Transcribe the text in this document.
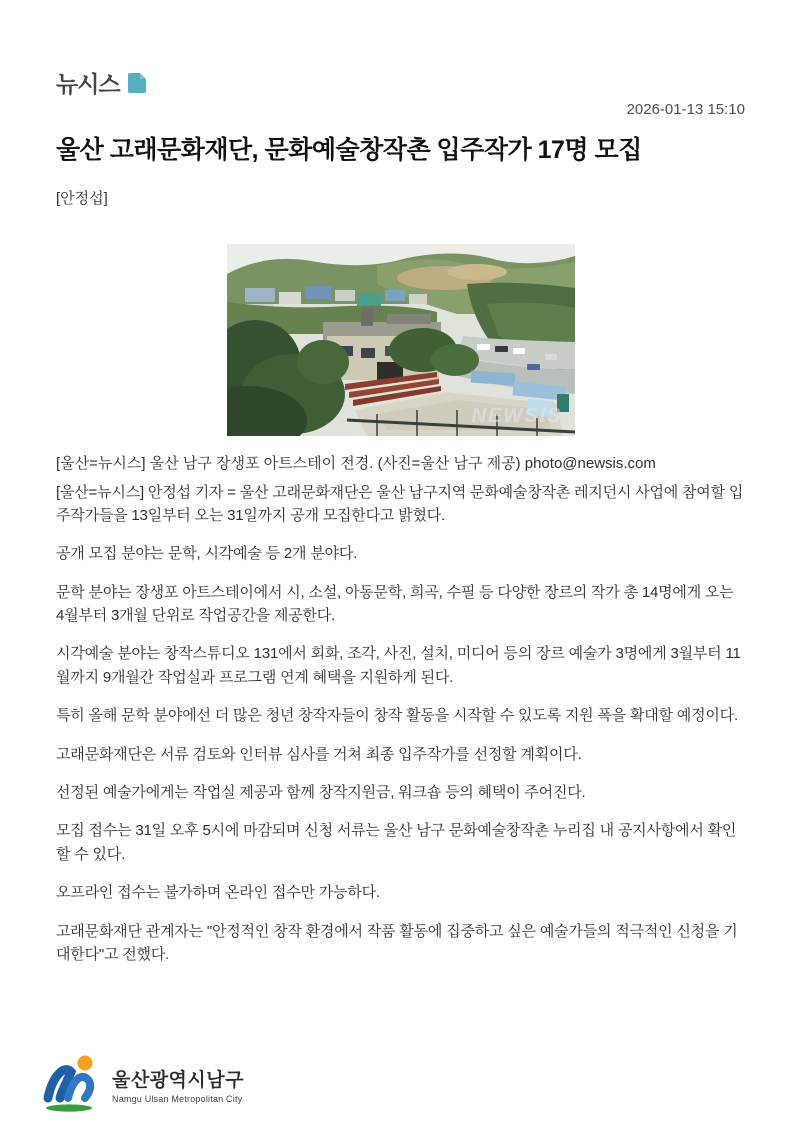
뉴시스
2026-01-13 15:10
울산 고래문화재단, 문화예술창작촌 입주작가 17명 모집
[안정섭]
NEWSIS
[울산=뉴시스] 울산 남구 장생포 아트스테이 전경. (사진=울산 남구 제공) photo@newsis.com

[울산=뉴시스] 안정섭 기자 = 울산 고래문화재단은 울산 남구지역 문화예술창작촌 레지던시 사업에 참여할 입주작가들을 13일부터 오는 31일까지 공개 모집한다고 밝혔다.

공개 모집 분야는 문학, 시각예술 등 2개 분야다.

문학 분야는 장생포 아트스테이에서 시, 소설, 아동문학, 희곡, 수필 등 다양한 장르의 작가 총 14명에게 오는 4월부터 3개월 단위로 작업공간을 제공한다.

시각예술 분야는 창작스튜디오 131에서 회화, 조각, 사진, 설치, 미디어 등의 장르 예술가 3명에게 3월부터 11월까지 9개월간 작업실과 프로그램 연계 혜택을 지원하게 된다.

특히 올해 문학 분야에선 더 많은 청년 창작자들이 창작 활동을 시작할 수 있도록 지원 폭을 확대할 예정이다.

고래문화재단은 서류 검토와 인터뷰 심사를 거쳐 최종 입주작가를 선정할 계획이다.

선정된 예술가에게는 작업실 제공과 함께 창작지원금, 워크숍 등의 혜택이 주어진다.

모집 접수는 31일 오후 5시에 마감되며 신청 서류는 울산 남구 문화예술창작촌 누리집 내 공지사항에서 확인할 수 있다.

오프라인 접수는 불가하며 온라인 접수만 가능하다.

고래문화재단 관계자는 "안정적인 창작 환경에서 작품 활동에 집중하고 싶은 예술가들의 적극적인 신청을 기대한다"고 전했다.

울산광역시남구
Namgu Ulsan Metropolitan City
